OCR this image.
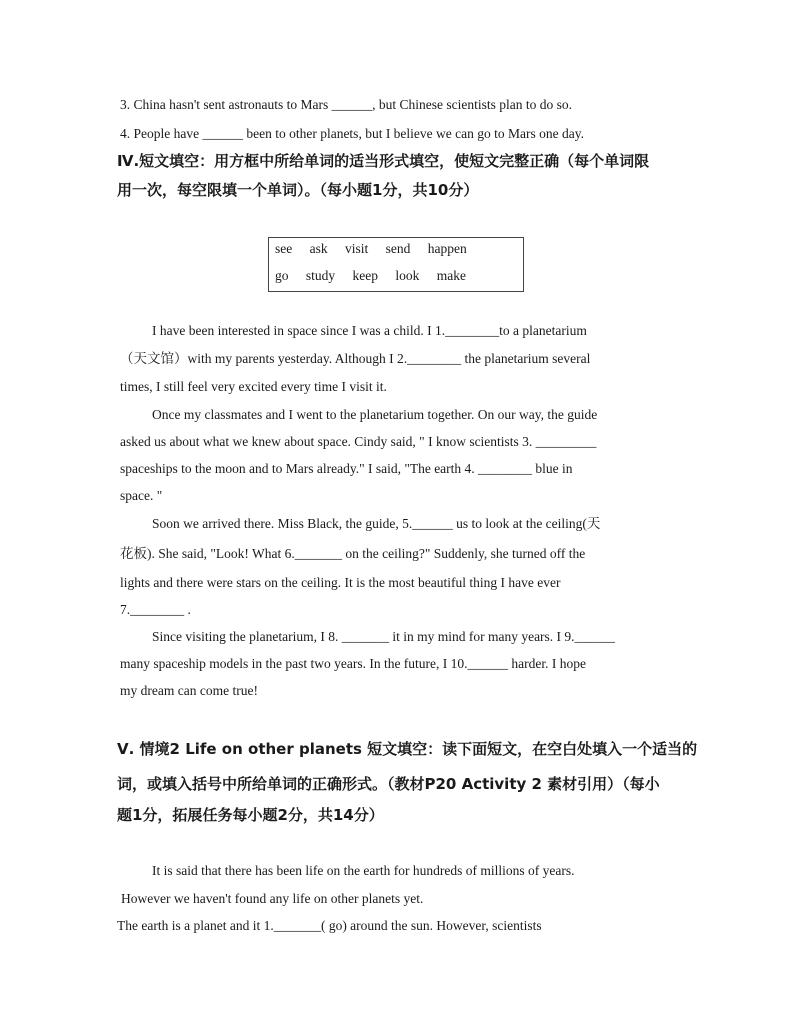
3. China hasn't sent astronauts to Mars ______, but Chinese scientists plan to do so.
4. People have ______ been to other planets, but I believe we can go to Mars one day.
Ⅳ.短文填空：用方框中所给单词的适当形式填空，使短文完整正确（每个单词限
用一次，每空限填一个单词）。（每小题1分，共10分）
see ask visit send happen
go study keep look make
I have been interested in space since I was a child. I 1.________to a planetarium
（天文馆）with my parents yesterday. Although I 2.________ the planetarium several
times, I still feel very excited every time I visit it.
Once my classmates and I went to the planetarium together. On our way, the guide
asked us about what we knew about space. Cindy said, " I know scientists 3. _________
spaceships to the moon and to Mars already." I said, "The earth 4. ________ blue in
space. "
Soon we arrived there. Miss Black, the guide, 5.______ us to look at the ceiling(天
花板). She said, "Look! What 6._______ on the ceiling?" Suddenly, she turned off the
lights and there were stars on the ceiling. It is the most beautiful thing I have ever
7.________ .
Since visiting the planetarium, I 8. _______ it in my mind for many years. I 9.______
many spaceship models in the past two years. In the future, I 10.______ harder. I hope
my dream can come true!
Ⅴ. 情境2 Life on other planets 短文填空：读下面短文，在空白处填入一个适当的
词，或填入括号中所给单词的正确形式。（教材P20 Activity 2 素材引用）（每小
题1分，拓展任务每小题2分，共14分）
It is said that there has been life on the earth for hundreds of millions of years.
However we haven't found any life on other planets yet.
The earth is a planet and it 1._______( go) around the sun. However, scientists
